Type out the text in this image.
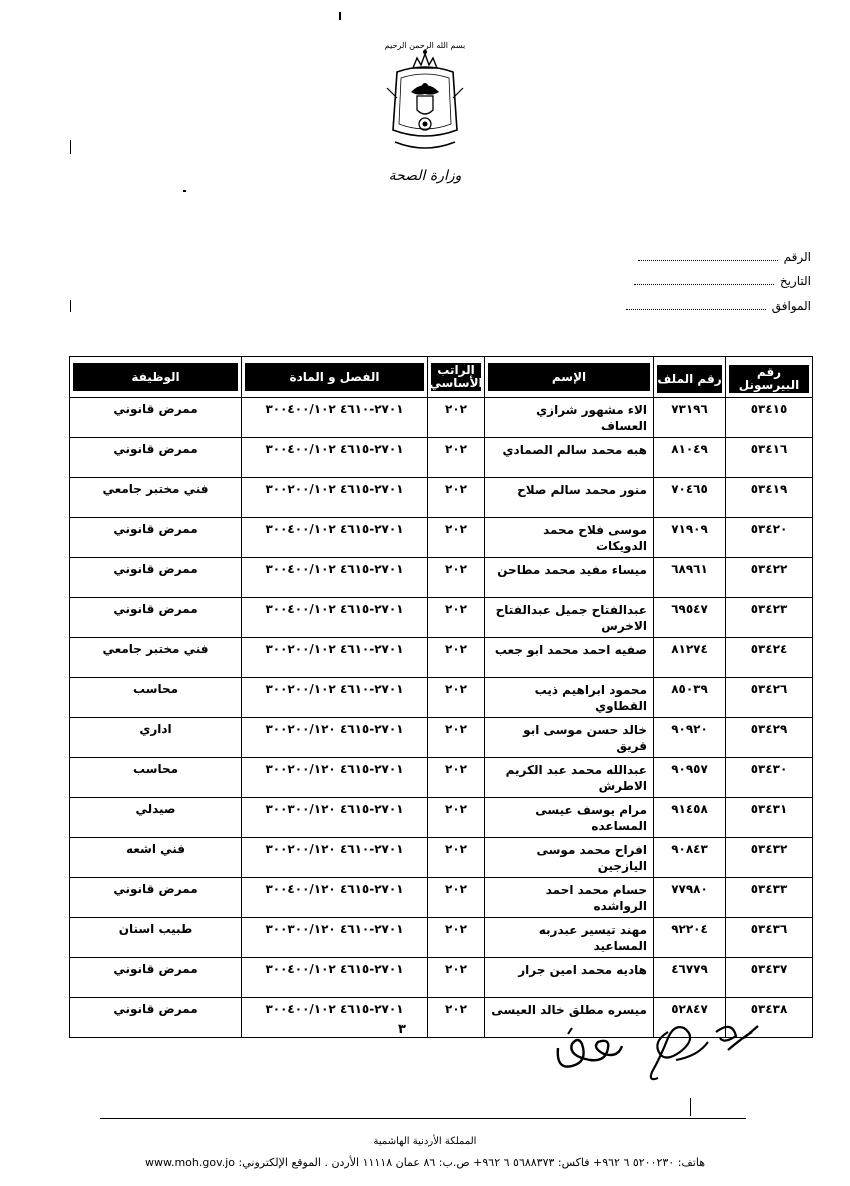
بسم الله الرحمن الرحيم
وزارة الصحة
الرقم
التاريخ
الموافق
رقم البيرسونل	رقم الملف	الإسم	الراتب الأساسي	الفصل و المادة	الوظيفة

٥٣٤١٥	٧٣١٩٦	الاء مشهور شرازي العساف	٢٠٢	٢٧٠١-٤٦١٠ ٣٠٠٤٠٠/١٠٢	ممرض قانوني
٥٣٤١٦	٨١٠٤٩	هبه محمد سالم الصمادي	٢٠٢	٢٧٠١-٤٦١٥ ٣٠٠٤٠٠/١٠٢	ممرض قانوني
٥٣٤١٩	٧٠٤٦٥	منور محمد سالم صلاح	٢٠٢	٢٧٠١-٤٦١٥ ٣٠٠٢٠٠/١٠٢	فني مختبر جامعي
٥٣٤٢٠	٧١٩٠٩	موسى فلاح محمد الدويكات	٢٠٢	٢٧٠١-٤٦١٥ ٣٠٠٤٠٠/١٠٢	ممرض قانوني
٥٣٤٢٢	٦٨٩٦١	ميساء مفيد محمد مطاحن	٢٠٢	٢٧٠١-٤٦١٥ ٣٠٠٤٠٠/١٠٢	ممرض قانوني
٥٣٤٢٣	٦٩٥٤٧	عبدالفتاح جميل عبدالفتاح الاخرس	٢٠٢	٢٧٠١-٤٦١٥ ٣٠٠٤٠٠/١٠٢	ممرض قانوني
٥٣٤٢٤	٨١٢٧٤	صفيه احمد محمد ابو جعب	٢٠٢	٢٧٠١-٤٦١٠ ٣٠٠٢٠٠/١٠٢	فني مختبر جامعي
٥٣٤٢٦	٨٥٠٣٩	محمود ابراهيم ذيب القطاوي	٢٠٢	٢٧٠١-٤٦١٠ ٣٠٠٢٠٠/١٠٢	محاسب
٥٣٤٢٩	٩٠٩٢٠	خالد حسن موسى ابو قريق	٢٠٢	٢٧٠١-٤٦١٥ ٣٠٠٢٠٠/١٢٠	اداري
٥٣٤٣٠	٩٠٩٥٧	عبدالله محمد عبد الكريم الاطرش	٢٠٢	٢٧٠١-٤٦١٥ ٣٠٠٢٠٠/١٢٠	محاسب
٥٣٤٣١	٩١٤٥٨	مرام يوسف عيسى المساعده	٢٠٢	٢٧٠١-٤٦١٥ ٣٠٠٣٠٠/١٢٠	صيدلي
٥٣٤٣٢	٩٠٨٤٣	افراح محمد موسى اليازجين	٢٠٢	٢٧٠١-٤٦١٠ ٣٠٠٢٠٠/١٢٠	فني اشعه
٥٣٤٣٣	٧٧٩٨٠	حسام محمد احمد الرواشده	٢٠٢	٢٧٠١-٤٦١٥ ٣٠٠٤٠٠/١٢٠	ممرض قانوني
٥٣٤٣٦	٩٢٢٠٤	مهند تيسير عبدربه المساعيد	٢٠٢	٢٧٠١-٤٦١٠ ٣٠٠٣٠٠/١٢٠	طبيب اسنان
٥٣٤٣٧	٤٦٧٧٩	هاديه محمد امين جرار	٢٠٢	٢٧٠١-٤٦١٥ ٣٠٠٤٠٠/١٠٢	ممرض قانوني
٥٣٤٣٨	٥٢٨٤٧	ميسره مطلق خالد العيسى	٢٠٢	٢٧٠١-٤٦١٥ ٣٠٠٤٠٠/١٠٢	ممرض قانوني
٣
المملكة الأردنية الهاشمية
هاتف: ٥٢٠٠٢٣٠ ٦ ٩٦٢+ فاكس: ٥٦٨٨٣٧٣ ٦ ٩٦٢+ ص.ب: ٨٦ عمان ١١١١٨ الأردن . الموقع الإلكتروني: www.moh.gov.jo
